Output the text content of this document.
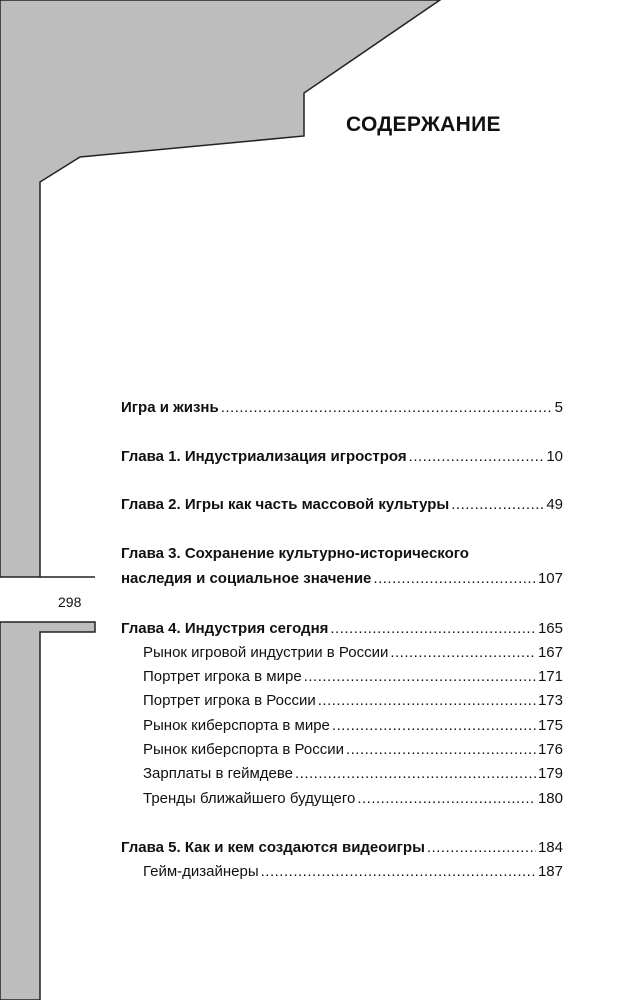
СОДЕРЖАНИЕ
298
Игра и жизнь .....	5
Глава 1. Индустриализация игростроя .....	10
Глава 2. Игры как часть массовой культуры .....	49
Глава 3. Сохранение культурно-исторического
наследия и социальное значение .....	107
Глава 4. Индустрия сегодня .....	165
Рынок игровой индустрии в России .....	167
Портрет игрока в мире .....	171
Портрет игрока в России .....	173
Рынок киберспорта в мире .....	175
Рынок киберспорта в России .....	176
Зарплаты в геймдеве .....	179
Тренды ближайшего будущего .....	180
Глава 5. Как и кем создаются видеоигры .....	184
Гейм-дизайнеры .....	187
